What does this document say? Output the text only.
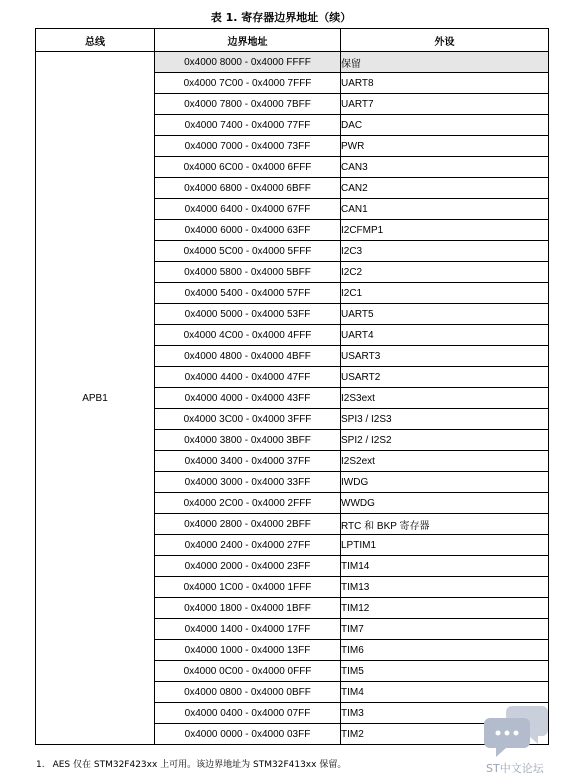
表 1. 寄存器边界地址（续）
总线	边界地址	外设
APB1	0x4000 8000 - 0x4000 FFFF	保留
	0x4000 7C00 - 0x4000 7FFF	UART8
	0x4000 7800 - 0x4000 7BFF	UART7
	0x4000 7400 - 0x4000 77FF	DAC
	0x4000 7000 - 0x4000 73FF	PWR
	0x4000 6C00 - 0x4000 6FFF	CAN3
	0x4000 6800 - 0x4000 6BFF	CAN2
	0x4000 6400 - 0x4000 67FF	CAN1
	0x4000 6000 - 0x4000 63FF	I2CFMP1
	0x4000 5C00 - 0x4000 5FFF	I2C3
	0x4000 5800 - 0x4000 5BFF	I2C2
	0x4000 5400 - 0x4000 57FF	I2C1
	0x4000 5000 - 0x4000 53FF	UART5
	0x4000 4C00 - 0x4000 4FFF	UART4
	0x4000 4800 - 0x4000 4BFF	USART3
	0x4000 4400 - 0x4000 47FF	USART2
	0x4000 4000 - 0x4000 43FF	I2S3ext
	0x4000 3C00 - 0x4000 3FFF	SPI3 / I2S3
	0x4000 3800 - 0x4000 3BFF	SPI2 / I2S2
	0x4000 3400 - 0x4000 37FF	I2S2ext
	0x4000 3000 - 0x4000 33FF	IWDG
	0x4000 2C00 - 0x4000 2FFF	WWDG
	0x4000 2800 - 0x4000 2BFF	RTC 和 BKP 寄存器
	0x4000 2400 - 0x4000 27FF	LPTIM1
	0x4000 2000 - 0x4000 23FF	TIM14
	0x4000 1C00 - 0x4000 1FFF	TIM13
	0x4000 1800 - 0x4000 1BFF	TIM12
	0x4000 1400 - 0x4000 17FF	TIM7
	0x4000 1000 - 0x4000 13FF	TIM6
	0x4000 0C00 - 0x4000 0FFF	TIM5
	0x4000 0800 - 0x4000 0BFF	TIM4
	0x4000 0400 - 0x4000 07FF	TIM3
	0x4000 0000 - 0x4000 03FF	TIM2
1. AES 仅在 STM32F423xx 上可用。该边界地址为 STM32F413xx 保留。	ST中文论坛
